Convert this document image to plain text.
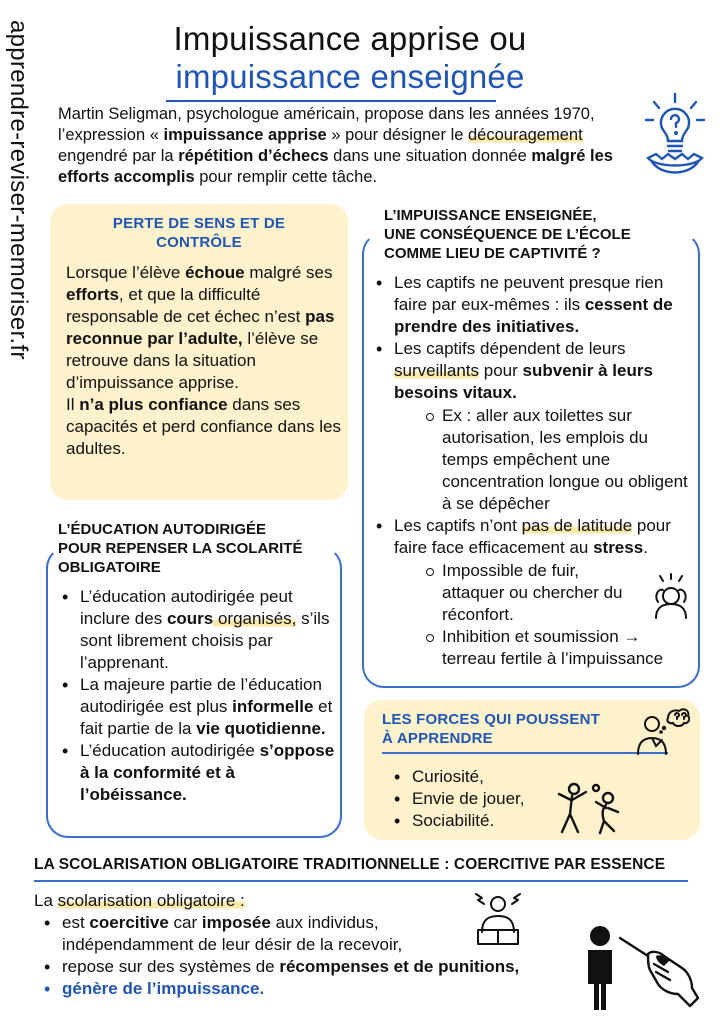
apprendre-reviser-memoriser.fr	Impuissance apprise ou
impuissance enseignée
Martin Seligman, psychologue américain, propose dans les années 1970, l’expression « impuissance apprise » pour désigner le découragement engendré par la répétition d’échecs dans une situation donnée malgré les efforts accomplis pour remplir cette tâche.
PERTE DE SENS ET DE
CONTRÔLE
Lorsque l’élève échoue malgré ses efforts, et que la difficulté responsable de cet échec n’est pas reconnue par l’adulte, l’élève se retrouve dans la situation d’impuissance apprise.
Il n’a plus confiance dans ses capacités et perd confiance dans les adultes.
L’IMPUISSANCE ENSEIGNÉE,
UNE CONSÉQUENCE DE L’ÉCOLE
COMME LIEU DE CAPTIVITÉ ?
• Les captifs ne peuvent presque rien faire par eux-mêmes : ils cessent de prendre des initiatives.
• Les captifs dépendent de leurs surveillants pour subvenir à leurs besoins vitaux.
Ex : aller aux toilettes sur autorisation, les emplois du temps empêchent une concentration longue ou obligent à se dépêcher
• Les captifs n’ont pas de latitude pour faire face efficacement au stress.
Impossible de fuir, attaquer ou chercher du réconfort.
Inhibition et soumission → terreau fertile à l’impuissance
L’ÉDUCATION AUTODIRIGÉE
POUR REPENSER LA SCOLARITÉ
OBLIGATOIRE
• L’éducation autodirigée peut inclure des cours organisés, s’ils sont librement choisis par l’apprenant.
• La majeure partie de l’éducation autodirigée est plus informelle et fait partie de la vie quotidienne.
• L’éducation autodirigée s’oppose à la conformité et à l’obéissance.
LES FORCES QUI POUSSENT
À APPRENDRE
• Curiosité,
• Envie de jouer,
• Sociabilité.
LA SCOLARISATION OBLIGATOIRE TRADITIONNELLE : COERCITIVE PAR ESSENCE
La scolarisation obligatoire :
• est coercitive car imposée aux individus, indépendamment de leur désir de la recevoir,
• repose sur des systèmes de récompenses et de punitions,
• génère de l’impuissance.
